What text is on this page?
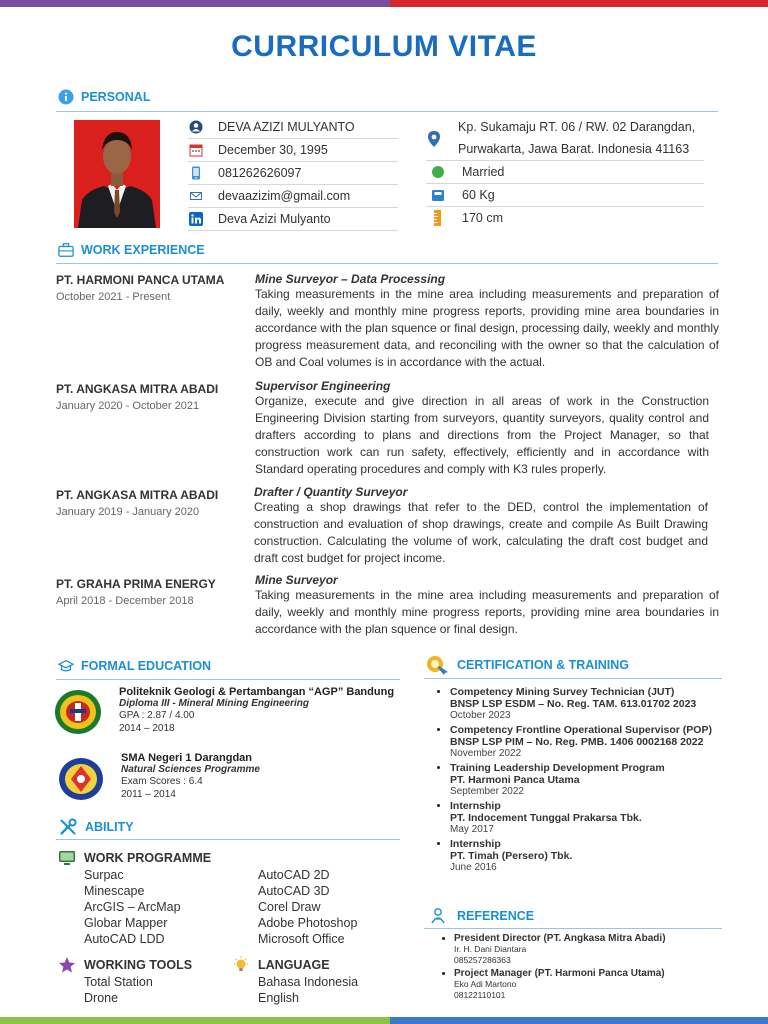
CURRICULUM VITAE
PERSONAL
DEVA AZIZI MULYANTO
December 30, 1995
081262626097
devaazizim@gmail.com
Deva Azizi Mulyanto
Kp. Sukamaju RT. 06 / RW. 02 Darangdan,
Purwakarta, Jawa Barat. Indonesia 41163
Married
60 Kg
170 cm
WORK EXPERIENCE
PT. HARMONI PANCA UTAMA
October 2021 - Present
Mine Surveyor – Data Processing
Taking measurements in the mine area including measurements and preparation of daily, weekly and monthly mine progress reports, providing mine area boundaries in accordance with the plan squence or final design, processing daily, weekly and monthly progress measurement data, and reconciling with the owner so that the calculation of OB and Coal volumes is in accordance with the actual.
PT. ANGKASA MITRA ABADI
January 2020 - October 2021
Supervisor Engineering
Organize, execute and give direction in all areas of work in the Construction Engineering Division starting from surveyors, quantity surveyors, quality control and drafters according to plans and directions from the Project Manager, so that construction work can run safety, effectively, efficiently and in accordance with Standard operating procedures and comply with K3 rules properly.
PT. ANGKASA MITRA ABADI
January 2019 - January 2020
Drafter / Quantity Surveyor
Creating a shop drawings that refer to the DED, control the implementation of construction and evaluation of shop drawings, create and compile As Built Drawing construction. Calculating the volume of work, calculating the draft cost budget and draft cost budget for project income.
PT. GRAHA PRIMA ENERGY
April 2018 - December 2018
Mine Surveyor
Taking measurements in the mine area including measurements and preparation of daily, weekly and monthly mine progress reports, providing mine area boundaries in accordance with the plan squence or final design.
FORMAL EDUCATION
Politeknik Geologi & Pertambangan “AGP” Bandung
Diploma III - Mineral Mining Engineering
GPA : 2.87 / 4.00
2014 – 2018
SMA Negeri 1 Darangdan
Natural Sciences Programme
Exam Scores : 6.4
2011 – 2014
CERTIFICATION & TRAINING
• Competency Mining Survey Technician (JUT)
BNSP LSP ESDM – No. Reg. TAM. 613.01702 2023
October 2023
• Competency Frontline Operational Supervisor (POP)
BNSP LSP PIM – No. Reg. PMB. 1406 0002168 2022
November 2022
• Training Leadership Development Program
PT. Harmoni Panca Utama
September 2022
• Internship
PT. Indocement Tunggal Prakarsa Tbk.
May 2017
• Internship
PT. Timah (Persero) Tbk.
June 2016
ABILITY
WORK PROGRAMME
Surpac
Minescape
ArcGIS – ArcMap
Globar Mapper
AutoCAD LDD
AutoCAD 2D
AutoCAD 3D
Corel Draw
Adobe Photoshop
Microsoft Office
WORKING TOOLS
Total Station
Drone
LANGUAGE
Bahasa Indonesia
English
REFERENCE
• President Director (PT. Angkasa Mitra Abadi)
Ir. H. Dani Diantara
085257286363
• Project Manager (PT. Harmoni Panca Utama)
Eko Adi Martono
08122110101
